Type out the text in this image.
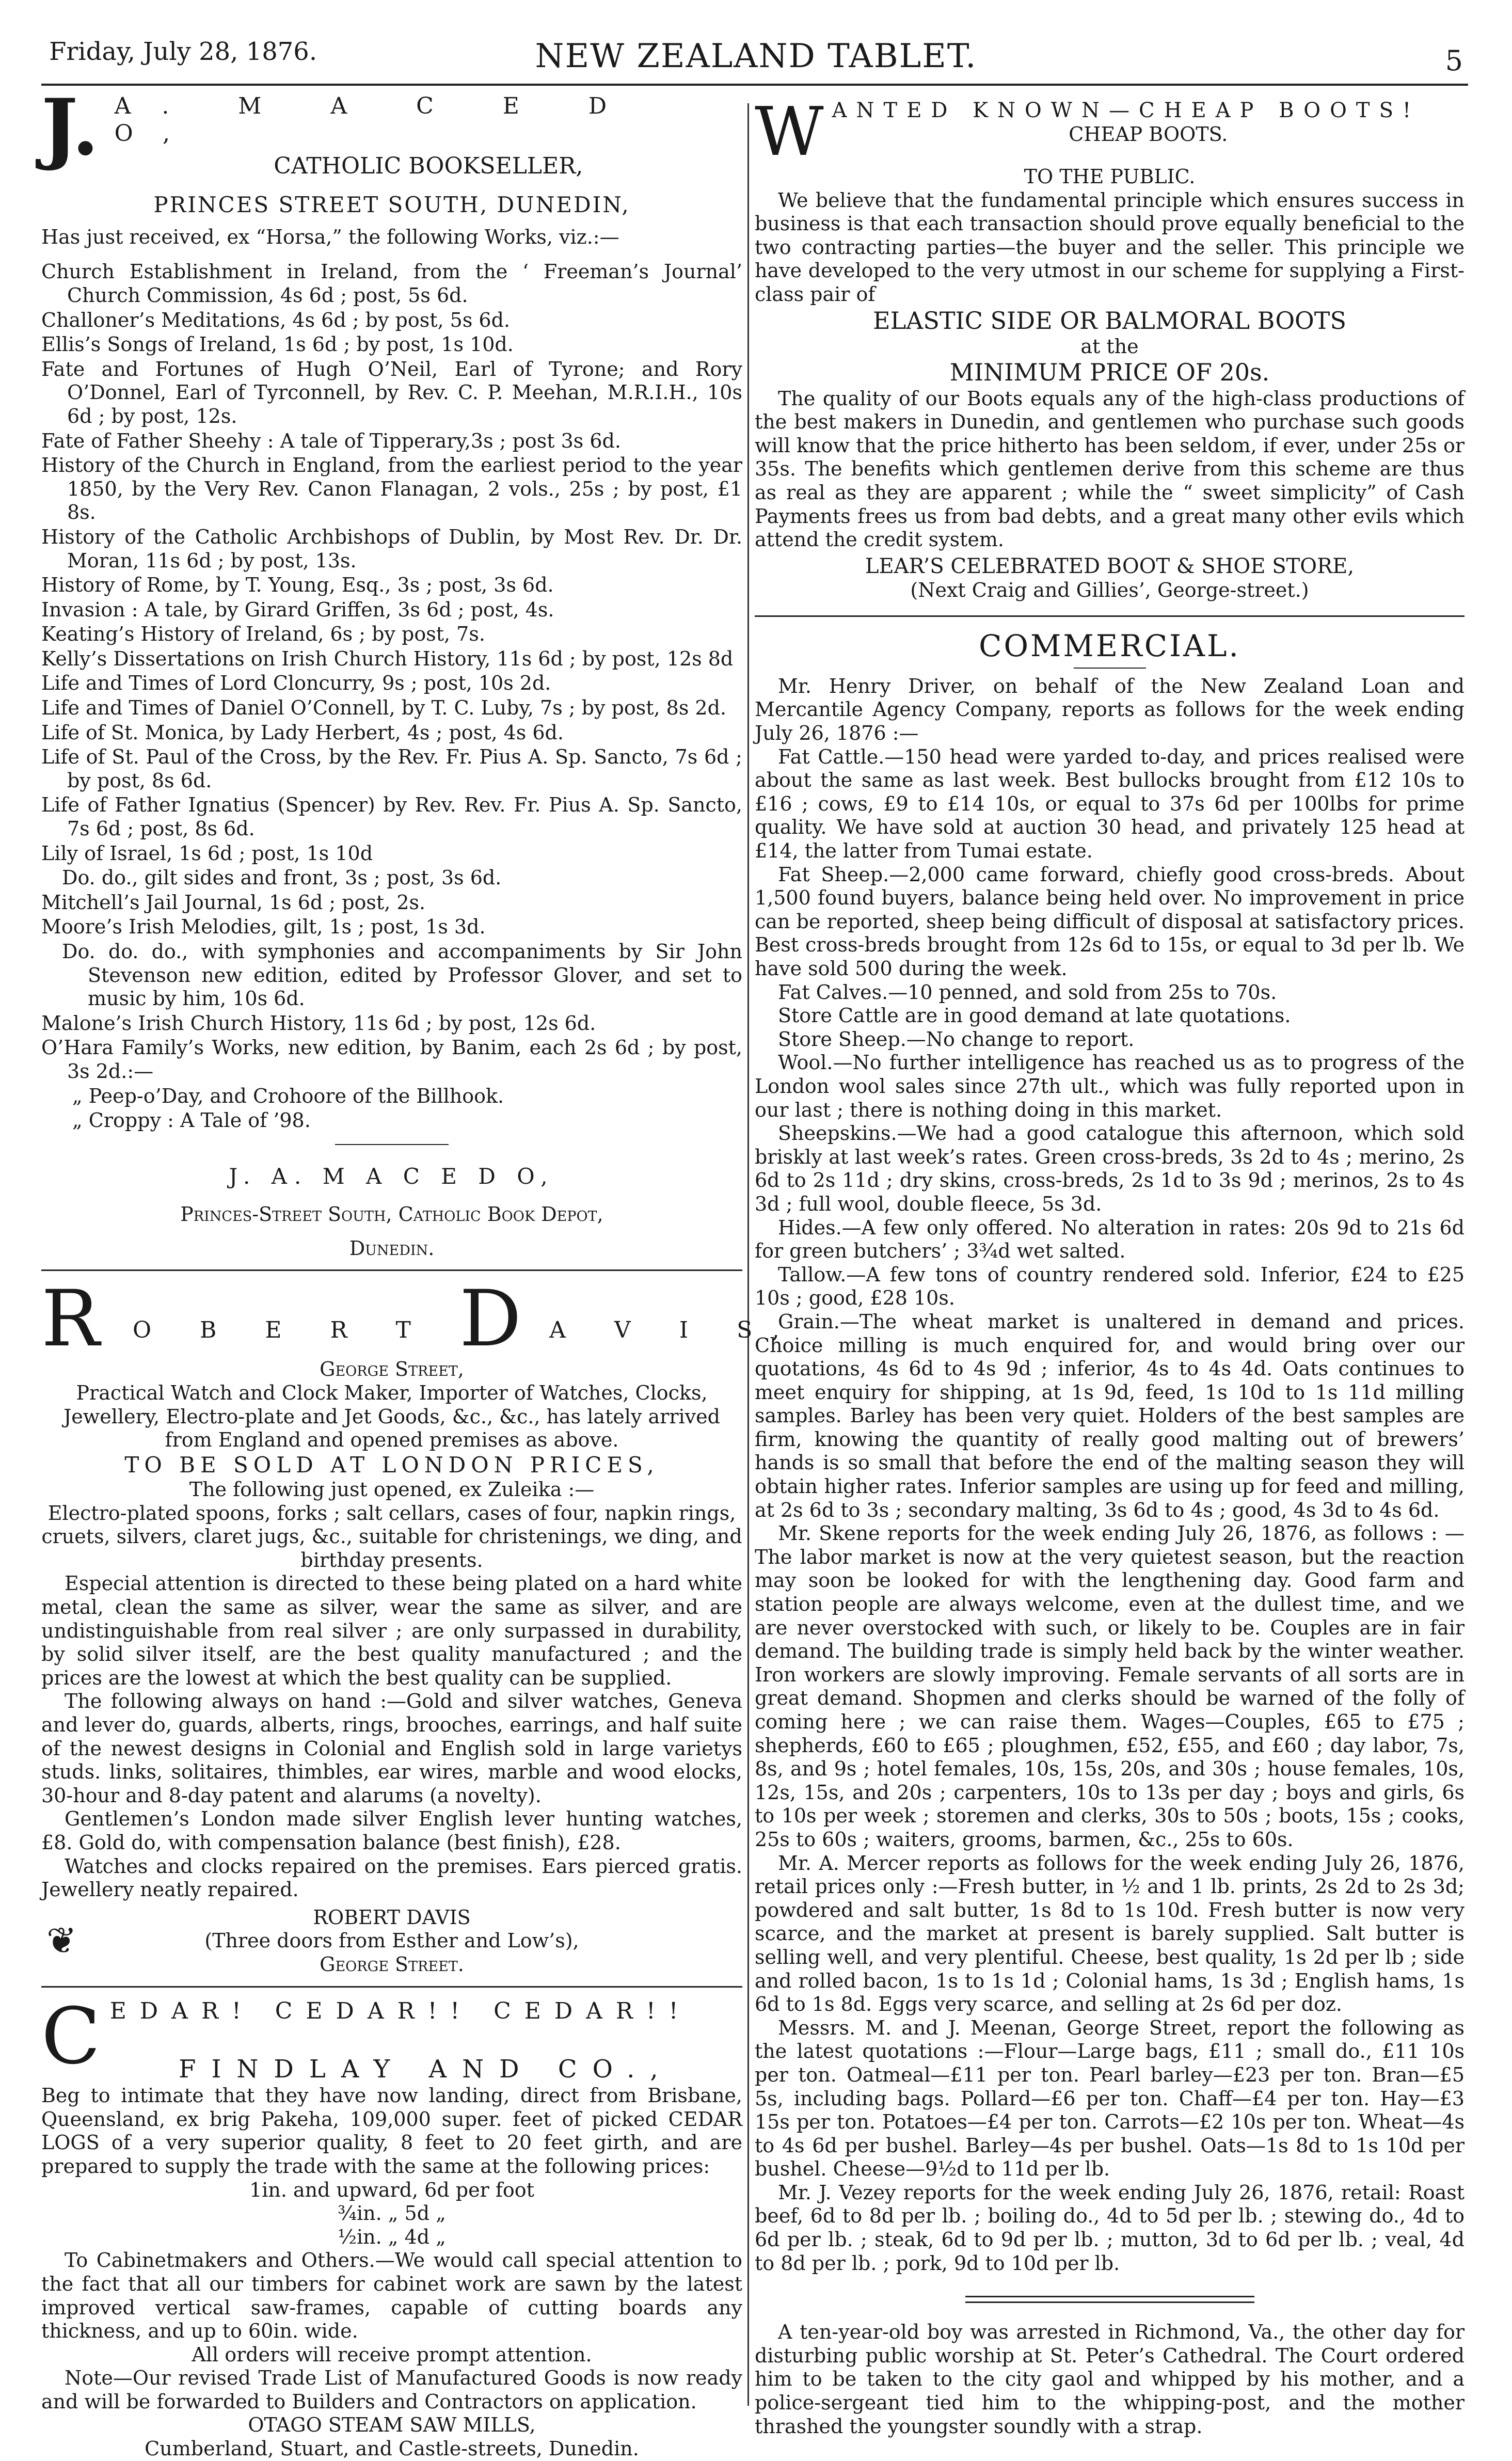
Friday, July 28, 1876.	NEW ZEALAND TABLET.	5
J. A. M A C E D O,
CATHOLIC BOOKSELLER,
PRINCES STREET SOUTH, DUNEDIN,

Has just received, ex “Horsa,” the following Works, viz.:—

Church Establishment in Ireland, from the ‘ Freeman’s Journal’ Church Commission, 4s 6d ; post, 5s 6d.

Challoner’s Meditations, 4s 6d ; by post, 5s 6d.

Ellis’s Songs of Ireland, 1s 6d ; by post, 1s 10d.

Fate and Fortunes of Hugh O’Neil, Earl of Tyrone; and Rory O’Donnel, Earl of Tyrconnell, by Rev. C. P. Meehan, M.R.I.H., 10s 6d ; by post, 12s.

Fate of Father Sheehy : A tale of Tipperary,3s ; post 3s 6d.

History of the Church in England, from the earliest period to the year 1850, by the Very Rev. Canon Flanagan, 2 vols., 25s ; by post, £1 8s.

History of the Catholic Archbishops of Dublin, by Most Rev. Dr. Dr. Moran, 11s 6d ; by post, 13s.

History of Rome, by T. Young, Esq., 3s ; post, 3s 6d.

Invasion : A tale, by Girard Griffen, 3s 6d ; post, 4s.

Keating’s History of Ireland, 6s ; by post, 7s.

Kelly’s Dissertations on Irish Church History, 11s 6d ; by post, 12s 8d

Life and Times of Lord Cloncurry, 9s ; post, 10s 2d.

Life and Times of Daniel O’Connell, by T. C. Luby, 7s ; by post, 8s 2d.

Life of St. Monica, by Lady Herbert, 4s ; post, 4s 6d.

Life of St. Paul of the Cross, by the Rev. Fr. Pius A. Sp. Sancto, 7s 6d ; by post, 8s 6d.

Life of Father Ignatius (Spencer) by Rev. Rev. Fr. Pius A. Sp. Sancto, 7s 6d ; post, 8s 6d.

Lily of Israel, 1s 6d ; post, 1s 10d

Do. do., gilt sides and front, 3s ; post, 3s 6d.

Mitchell’s Jail Journal, 1s 6d ; post, 2s.

Moore’s Irish Melodies, gilt, 1s ; post, 1s 3d.

Do. do. do., with symphonies and accompaniments by Sir John Stevenson new edition, edited by Professor Glover, and set to music by him, 10s 6d.

Malone’s Irish Church History, 11s 6d ; by post, 12s 6d.

O’Hara Family’s Works, new edition, by Banim, each 2s 6d ; by post, 3s 2d.:—

„ Peep-o’Day, and Crohoore of the Billhook.

„ Croppy : A Tale of ’98.

J. A. M A C E D O,
Princes-Street South, Catholic Book Depot,
Dunedin.
R O B E R T D A V I S,
George Street,

Practical Watch and Clock Maker, Importer of Watches, Clocks, Jewellery, Electro-plate and Jet Goods, &c., &c., has lately arrived from England and opened premises as above.

TO BE SOLD AT LONDON PRICES,
The following just opened, ex Zuleika :—

Electro-plated spoons, forks ; salt cellars, cases of four, napkin rings, cruets, silvers, claret jugs, &c., suitable for christenings, we ding, and birthday presents.

Especial attention is directed to these being plated on a hard white metal, clean the same as silver, wear the same as silver, and are undistinguishable from real silver ; are only surpassed in durability, by solid silver itself, are the best quality manufactured ; and the prices are the lowest at which the best quality can be supplied.

The following always on hand :—Gold and silver watches, Geneva and lever do, guards, alberts, rings, brooches, earrings, and half suite of the newest designs in Colonial and English sold in large varietys studs. links, solitaires, thimbles, ear wires, marble and wood elocks, 30-hour and 8-day patent and alarums (a novelty).

Gentlemen’s London made silver English lever hunting watches, £8. Gold do, with compensation balance (best finish), £28.

Watches and clocks repaired on the premises. Ears pierced gratis. Jewellery neatly repaired.

ROBERT DAVIS
❦	(Three doors from Esther and Low’s),
George Street.
C EDAR! CEDAR!! CEDAR!!
FINDLAY AND CO.,

Beg to intimate that they have now landing, direct from Brisbane, Queensland, ex brig Pakeha, 109,000 super. feet of picked CEDAR LOGS of a very superior quality, 8 feet to 20 feet girth, and are prepared to supply the trade with the same at the following prices:

1in. and upward, 6d per foot
¾in. „ 5d „
½in. „ 4d „

To Cabinetmakers and Others.—We would call special attention to the fact that all our timbers for cabinet work are sawn by the latest improved vertical saw-frames, capable of cutting boards any thickness, and up to 60in. wide.

All orders will receive prompt attention.

Note—Our revised Trade List of Manufactured Goods is now ready and will be forwarded to Builders and Contractors on application.

OTAGO STEAM SAW MILLS,
Cumberland, Stuart, and Castle-streets, Dunedin.
W ANTED KNOWN—CHEAP BOOTS!
CHEAP BOOTS.
TO THE PUBLIC.

We believe that the fundamental principle which ensures success in business is that each transaction should prove equally beneficial to the two contracting parties—the buyer and the seller. This principle we have developed to the very utmost in our scheme for supplying a First-class pair of

ELASTIC SIDE OR BALMORAL BOOTS
at the
MINIMUM PRICE OF 20s.

The quality of our Boots equals any of the high-class productions of the best makers in Dunedin, and gentlemen who purchase such goods will know that the price hitherto has been seldom, if ever, under 25s or 35s. The benefits which gentlemen derive from this scheme are thus as real as they are apparent ; while the “ sweet simplicity” of Cash Payments frees us from bad debts, and a great many other evils which attend the credit system.

LEAR’S CELEBRATED BOOT & SHOE STORE,
(Next Craig and Gillies’, George-street.)
COMMERCIAL.

Mr. Henry Driver, on behalf of the New Zealand Loan and Mercantile Agency Company, reports as follows for the week ending July 26, 1876 :—

Fat Cattle.—150 head were yarded to-day, and prices realised were about the same as last week. Best bullocks brought from £12 10s to £16 ; cows, £9 to £14 10s, or equal to 37s 6d per 100lbs for prime quality. We have sold at auction 30 head, and privately 125 head at £14, the latter from Tumai estate.

Fat Sheep.—2,000 came forward, chiefly good cross-breds. About 1,500 found buyers, balance being held over. No improvement in price can be reported, sheep being difficult of disposal at satisfactory prices. Best cross-breds brought from 12s 6d to 15s, or equal to 3d per lb. We have sold 500 during the week.

Fat Calves.—10 penned, and sold from 25s to 70s.

Store Cattle are in good demand at late quotations.

Store Sheep.—No change to report.

Wool.—No further intelligence has reached us as to progress of the London wool sales since 27th ult., which was fully reported upon in our last ; there is nothing doing in this market.

Sheepskins.—We had a good catalogue this afternoon, which sold briskly at last week’s rates. Green cross-breds, 3s 2d to 4s ; merino, 2s 6d to 2s 11d ; dry skins, cross-breds, 2s 1d to 3s 9d ; merinos, 2s to 4s 3d ; full wool, double fleece, 5s 3d.

Hides.—A few only offered. No alteration in rates: 20s 9d to 21s 6d for green butchers’ ; 3¾d wet salted.

Tallow.—A few tons of country rendered sold. Inferior, £24 to £25 10s ; good, £28 10s.

Grain.—The wheat market is unaltered in demand and prices. Choice milling is much enquired for, and would bring over our quotations, 4s 6d to 4s 9d ; inferior, 4s to 4s 4d. Oats continues to meet enquiry for shipping, at 1s 9d, feed, 1s 10d to 1s 11d milling samples. Barley has been very quiet. Holders of the best samples are firm, knowing the quantity of really good malting out of brewers’ hands is so small that before the end of the malting season they will obtain higher rates. Inferior samples are using up for feed and milling, at 2s 6d to 3s ; secondary malting, 3s 6d to 4s ; good, 4s 3d to 4s 6d.

Mr. Skene reports for the week ending July 26, 1876, as follows : —The labor market is now at the very quietest season, but the reaction may soon be looked for with the lengthening day. Good farm and station people are always welcome, even at the dullest time, and we are never overstocked with such, or likely to be. Couples are in fair demand. The building trade is simply held back by the winter weather. Iron workers are slowly improving. Female servants of all sorts are in great demand. Shopmen and clerks should be warned of the folly of coming here ; we can raise them. Wages—Couples, £65 to £75 ; shepherds, £60 to £65 ; ploughmen, £52, £55, and £60 ; day labor, 7s, 8s, and 9s ; hotel females, 10s, 15s, 20s, and 30s ; house females, 10s, 12s, 15s, and 20s ; carpenters, 10s to 13s per day ; boys and girls, 6s to 10s per week ; storemen and clerks, 30s to 50s ; boots, 15s ; cooks, 25s to 60s ; waiters, grooms, barmen, &c., 25s to 60s.

Mr. A. Mercer reports as follows for the week ending July 26, 1876, retail prices only :—Fresh butter, in ½ and 1 lb. prints, 2s 2d to 2s 3d; powdered and salt butter, 1s 8d to 1s 10d. Fresh butter is now very scarce, and the market at present is barely supplied. Salt butter is selling well, and very plentiful. Cheese, best quality, 1s 2d per lb ; side and rolled bacon, 1s to 1s 1d ; Colonial hams, 1s 3d ; English hams, 1s 6d to 1s 8d. Eggs very scarce, and selling at 2s 6d per doz.

Messrs. M. and J. Meenan, George Street, report the following as the latest quotations :—Flour—Large bags, £11 ; small do., £11 10s per ton. Oatmeal—£11 per ton. Pearl barley—£23 per ton. Bran—£5 5s, including bags. Pollard—£6 per ton. Chaff—£4 per ton. Hay—£3 15s per ton. Potatoes—£4 per ton. Carrots—£2 10s per ton. Wheat—4s to 4s 6d per bushel. Barley—4s per bushel. Oats—1s 8d to 1s 10d per bushel. Cheese—9½d to 11d per lb.

Mr. J. Vezey reports for the week ending July 26, 1876, retail: Roast beef, 6d to 8d per lb. ; boiling do., 4d to 5d per lb. ; stewing do., 4d to 6d per lb. ; steak, 6d to 9d per lb. ; mutton, 3d to 6d per lb. ; veal, 4d to 8d per lb. ; pork, 9d to 10d per lb.

A ten-year-old boy was arrested in Richmond, Va., the other day for disturbing public worship at St. Peter’s Cathedral. The Court ordered him to be taken to the city gaol and whipped by his mother, and a police-sergeant tied him to the whipping-post, and the mother thrashed the youngster soundly with a strap.
